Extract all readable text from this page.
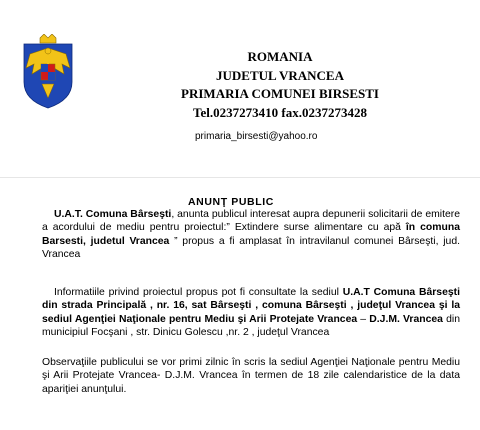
ROMANIA
JUDETUL VRANCEA
PRIMARIA COMUNEI BIRSESTI
Tel.0237273410 fax.0237273428
primaria_birsesti@yahoo.ro
ANUNŢ PUBLIC
U.A.T. Comuna Bârseşti, anunta publicul interesat aupra depunerii solicitarii de emitere a acordului de mediu pentru proiectul:” Extindere surse alimentare cu apă în comuna Barsesti, judetul Vrancea ” propus a fi amplasat în intravilanul comunei Bârseşti, jud. Vrancea
Informatiile privind proiectul propus pot fi consultate la sediul U.A.T Comuna Bârseşti din strada Principală , nr. 16, sat Bârseşti , comuna Bârseşti , judeţul Vrancea şi la sediul Agenţiei Naţionale pentru Mediu şi Arii Protejate Vrancea – D.J.M. Vrancea din municipiul Focşani , str. Dinicu Golescu ,nr. 2 , judeţul Vrancea
Observaţiile publicului se vor primi zilnic în scris la sediul Agenţiei Naţionale pentru Mediu şi Arii Protejate Vrancea- D.J.M. Vrancea în termen de 18 zile calendaristice de la data apariţiei anunţului.
